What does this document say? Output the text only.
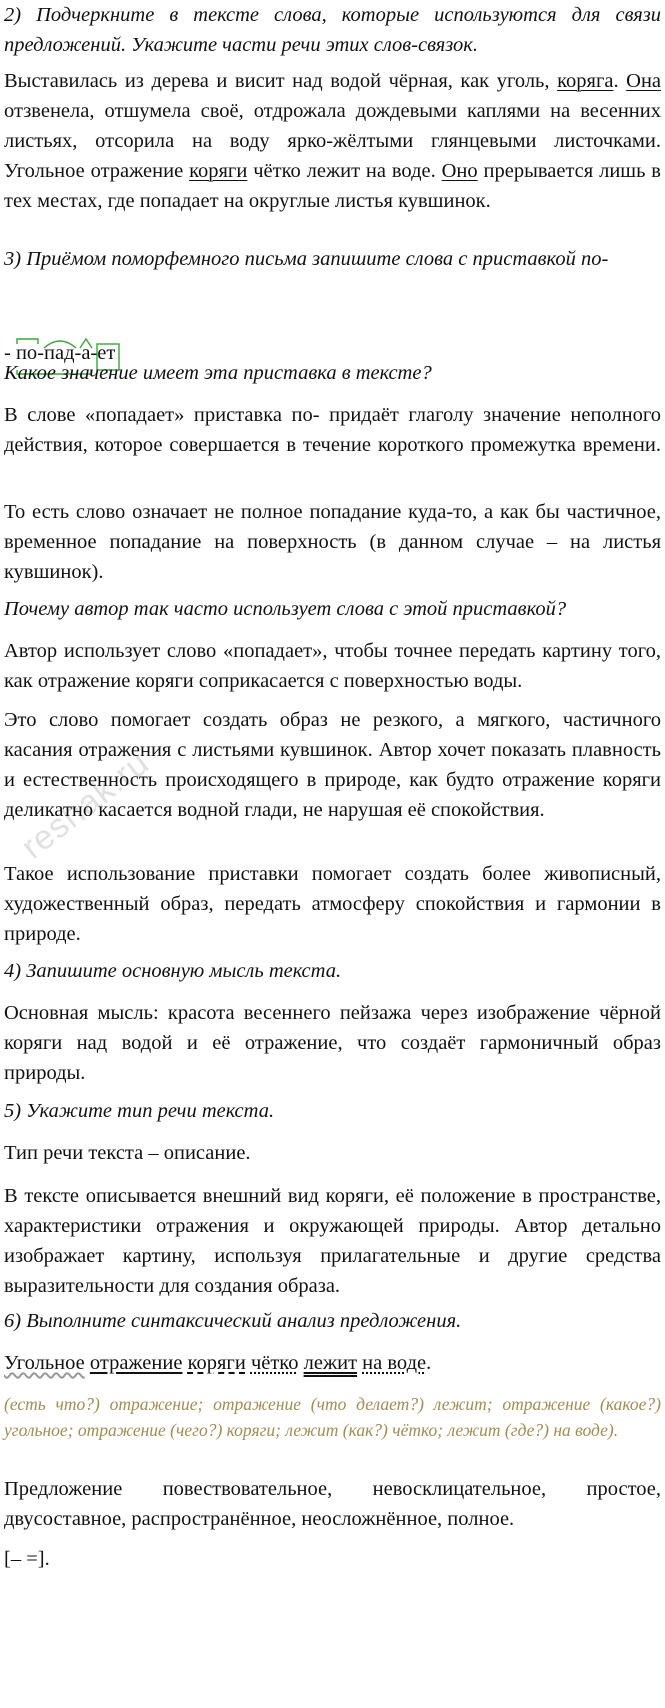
2) Подчеркните в тексте слова, которые используются для связи предложений. Укажите части речи этих слов-связок.

Выставилась из дерева и висит над водой чёрная, как уголь, коряга. Она отзвенела, отшумела своё, отдрожала дождевыми каплями на весенних листьях, отсорила на воду ярко-жёлтыми глянцевыми листочками. Угольное отражение коряги чётко лежит на воде. Оно прерывается лишь в тех местах, где попадает на округлые листья кувшинок.

3) Приёмом поморфемного письма запишите слова с приставкой по-

- по-пад-а-ет

Какое значение имеет эта приставка в тексте?

В слове «попадает» приставка по- придаёт глаголу значение неполного действия, которое совершается в течение короткого промежутка времени.

То есть слово означает не полное попадание куда-то, а как бы частичное, временное попадание на поверхность (в данном случае – на листья кувшинок).

Почему автор так часто использует слова с этой приставкой?

Автор использует слово «попадает», чтобы точнее передать картину того, как отражение коряги соприкасается с поверхностью воды.

Это слово помогает создать образ не резкого, а мягкого, частичного касания отражения с листьями кувшинок. Автор хочет показать плавность и естественность происходящего в природе, как будто отражение коряги деликатно касается водной глади, не нарушая её спокойствия.

Такое использование приставки помогает создать более живописный, художественный образ, передать атмосферу спокойствия и гармонии в природе.

4) Запишите основную мысль текста.

Основная мысль: красота весеннего пейзажа через изображение чёрной коряги над водой и её отражение, что создаёт гармоничный образ природы.

5) Укажите тип речи текста.

Тип речи текста – описание.

В тексте описывается внешний вид коряги, её положение в пространстве, характеристики отражения и окружающей природы. Автор детально изображает картину, используя прилагательные и другие средства выразительности для создания образа.

6) Выполните синтаксический анализ предложения.

Угольное отражение коряги чётко лежит на воде.

(есть что?) отражение; отражение (что делает?) лежит; отражение (какое?) угольное; отражение (чего?) коряги; лежит (как?) чётко; лежит (где?) на воде).

Предложение повествовательное, невосклицательное, простое, двусоставное, распространённое, неосложнённое, полное.

[– =].

reshak.ru
